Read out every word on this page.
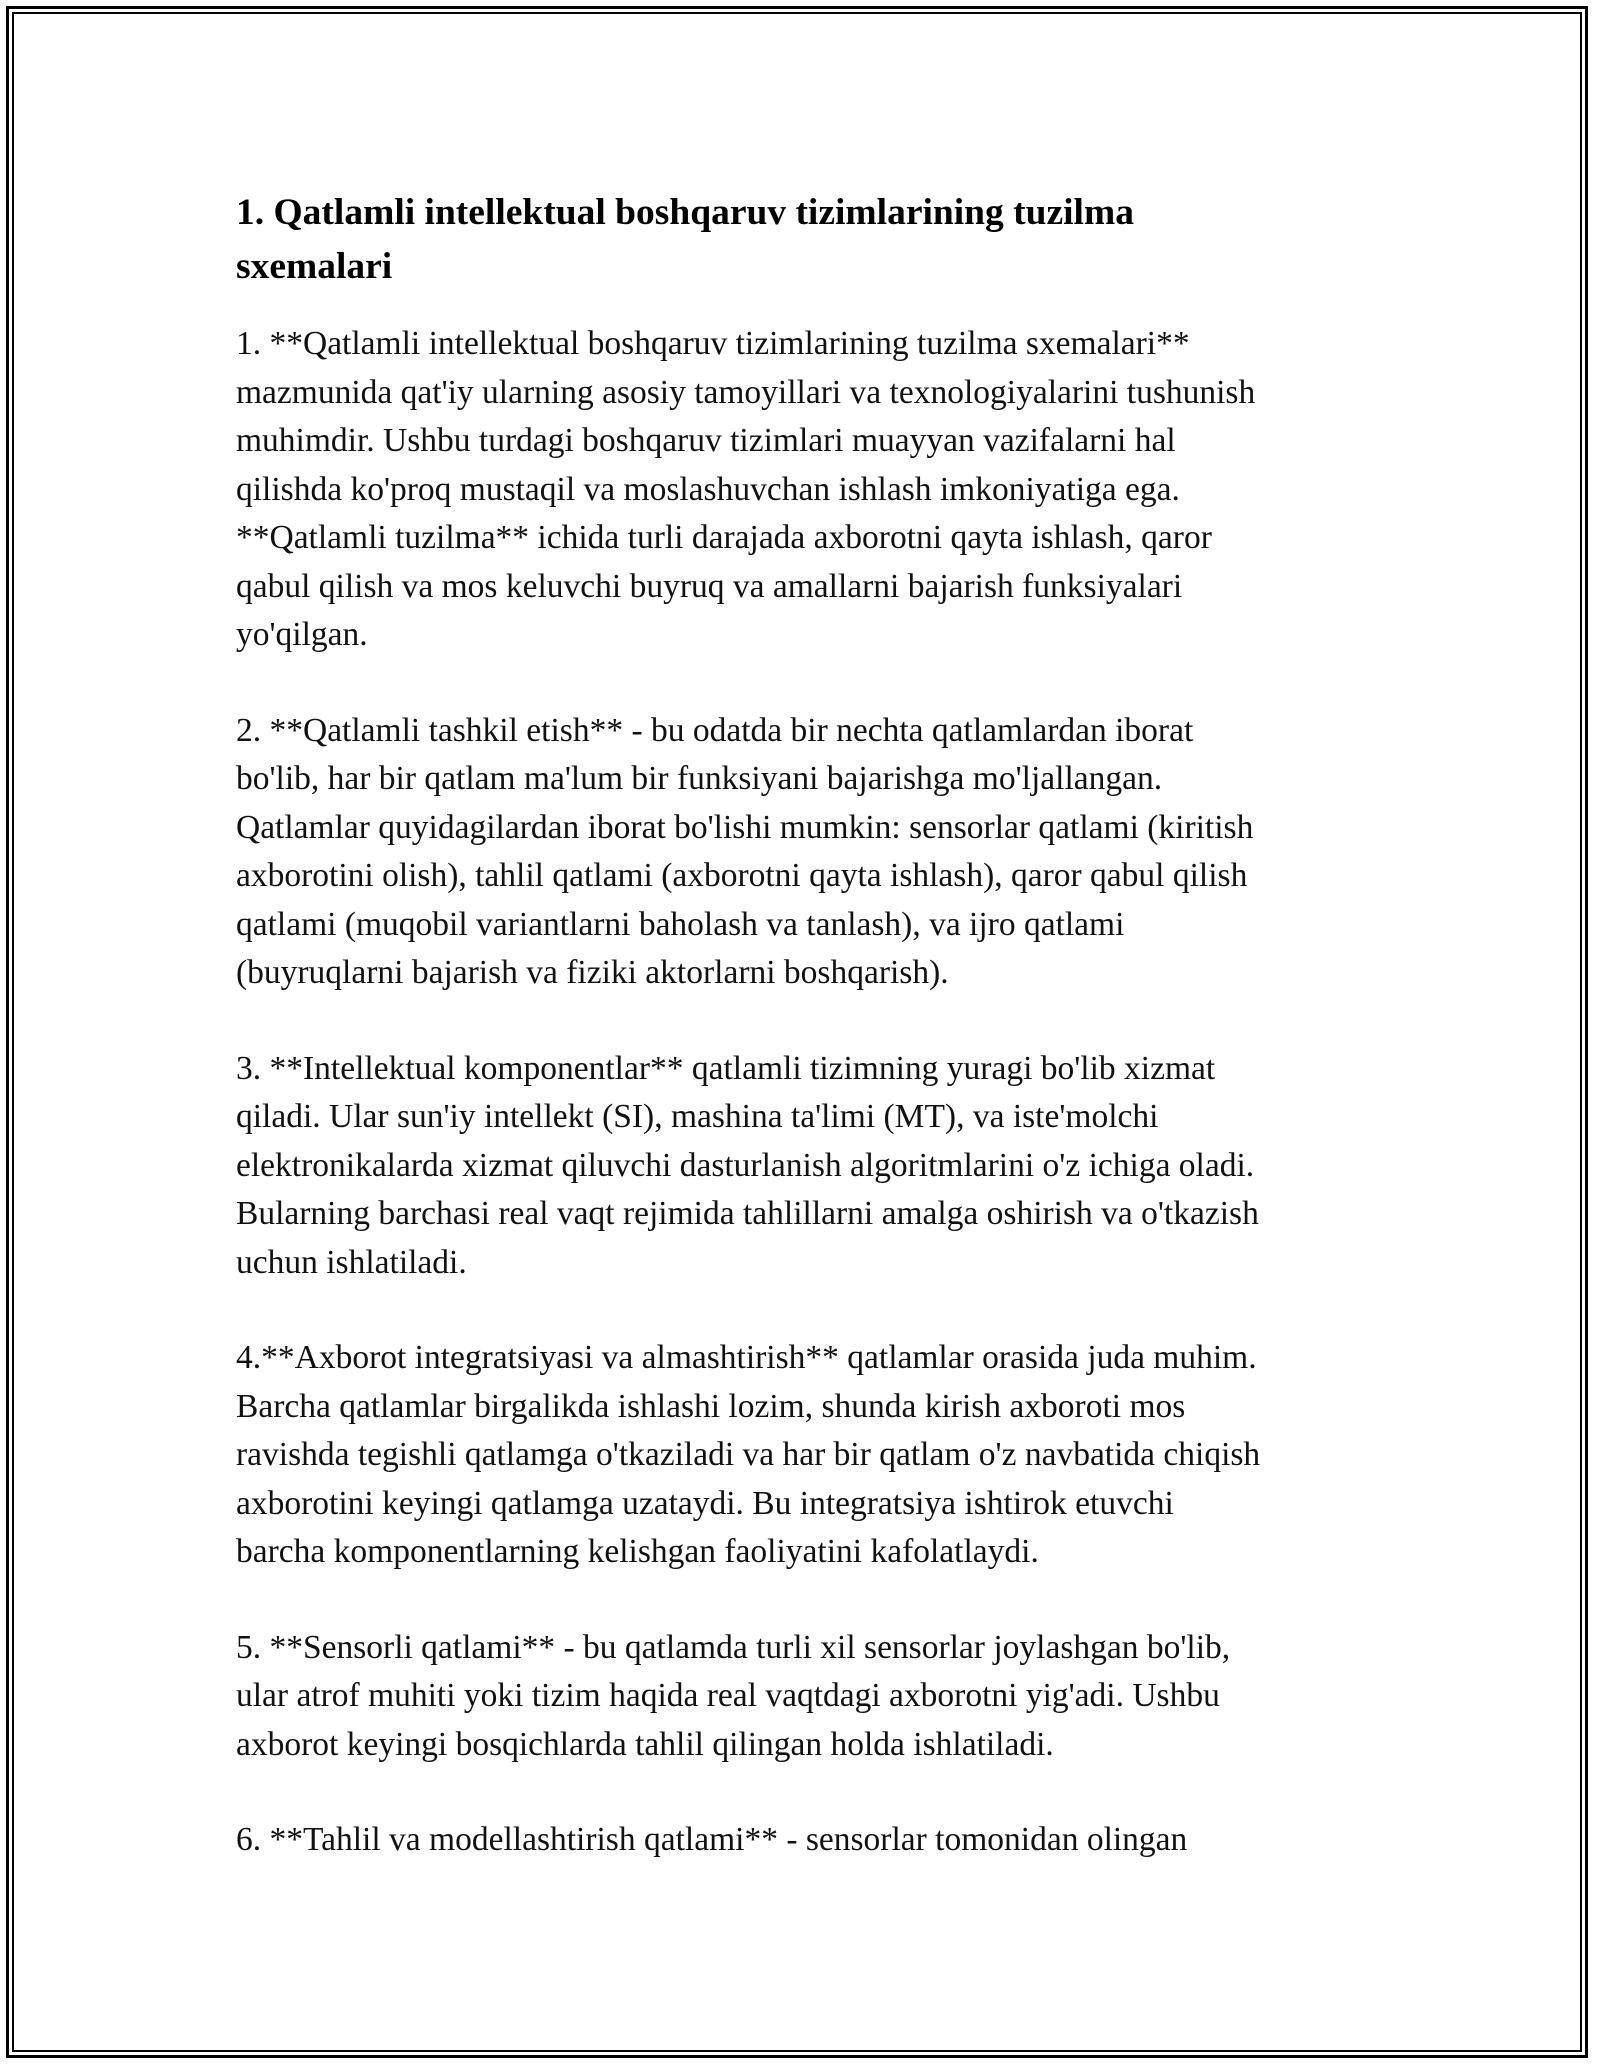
1. Qatlamli intellektual boshqaruv tizimlarining tuzilma
sxemalari
1. **Qatlamli intellektual boshqaruv tizimlarining tuzilma sxemalari**
mazmunida qat'iy ularning asosiy tamoyillari va texnologiyalarini tushunish
muhimdir. Ushbu turdagi boshqaruv tizimlari muayyan vazifalarni hal
qilishda ko'proq mustaqil va moslashuvchan ishlash imkoniyatiga ega.
**Qatlamli tuzilma** ichida turli darajada axborotni qayta ishlash, qaror
qabul qilish va mos keluvchi buyruq va amallarni bajarish funksiyalari
yo'qilgan.
2. **Qatlamli tashkil etish** - bu odatda bir nechta qatlamlardan iborat
bo'lib, har bir qatlam ma'lum bir funksiyani bajarishga mo'ljallangan.
Qatlamlar quyidagilardan iborat bo'lishi mumkin: sensorlar qatlami (kiritish
axborotini olish), tahlil qatlami (axborotni qayta ishlash), qaror qabul qilish
qatlami (muqobil variantlarni baholash va tanlash), va ijro qatlami
(buyruqlarni bajarish va fiziki aktorlarni boshqarish).
3. **Intellektual komponentlar** qatlamli tizimning yuragi bo'lib xizmat
qiladi. Ular sun'iy intellekt (SI), mashina ta'limi (MT), va iste'molchi
elektronikalarda xizmat qiluvchi dasturlanish algoritmlarini o'z ichiga oladi.
Bularning barchasi real vaqt rejimida tahlillarni amalga oshirish va o'tkazish
uchun ishlatiladi.
4.**Axborot integratsiyasi va almashtirish** qatlamlar orasida juda muhim.
Barcha qatlamlar birgalikda ishlashi lozim, shunda kirish axboroti mos
ravishda tegishli qatlamga o'tkaziladi va har bir qatlam o'z navbatida chiqish
axborotini keyingi qatlamga uzataydi. Bu integratsiya ishtirok etuvchi
barcha komponentlarning kelishgan faoliyatini kafolatlaydi.
5. **Sensorli qatlami** - bu qatlamda turli xil sensorlar joylashgan bo'lib,
ular atrof muhiti yoki tizim haqida real vaqtdagi axborotni yig'adi. Ushbu
axborot keyingi bosqichlarda tahlil qilingan holda ishlatiladi.
6. **Tahlil va modellashtirish qatlami** - sensorlar tomonidan olingan
